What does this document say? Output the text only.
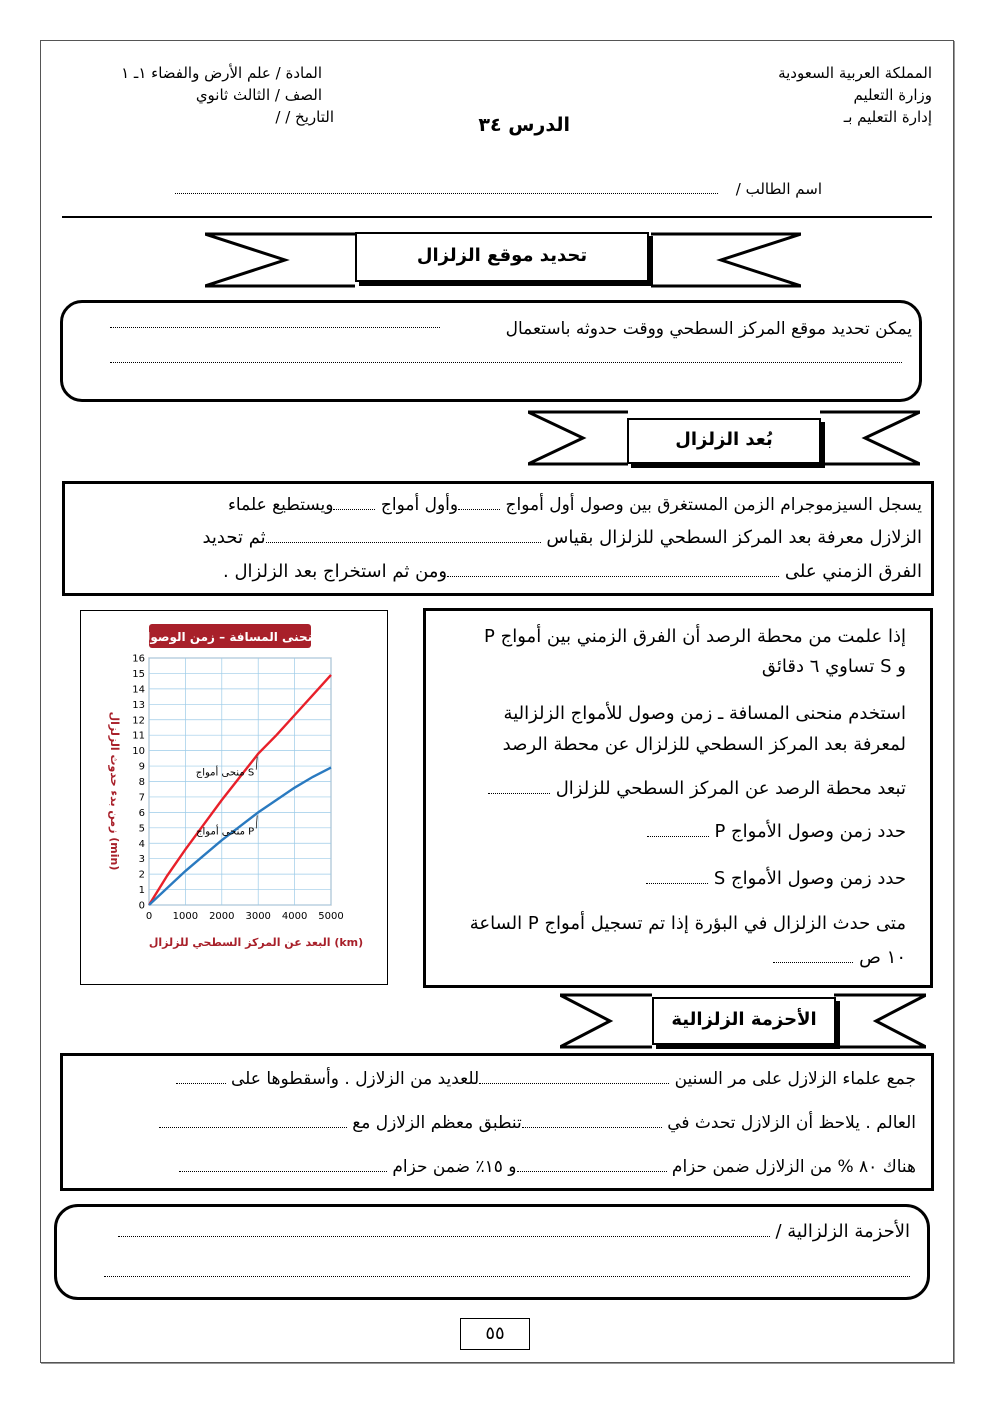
المملكة العربية السعودية
وزارة التعليم
إدارة التعليم بـ
المادة / علم الأرض والفضاء ١ـ ١
الصف / الثالث ثانوي
التاريخ / /	الدرس ٣٤
اسم الطالب /
تحديد موقع الزلزال
يمكن تحديد موقع المركز السطحي ووقت حدوثه باستعمال
بُعد الزلزال
يسجل السيزموجرام الزمن المستغرق بين وصول أول أمواج وأول أمواج ويستطيع علماء
الزلازل معرفة بعد المركز السطحي للزلزال بقياس ثم تحديد
الفرق الزمني على ومن ثم استخراج بعد الزلزال .
منحنى المسافة – زمن الوصول
0
1
2
3
4
5
6
7
8
9
10
11
12
13
14
15
16
0 1000 2000 3000 4000 5000
منحى أمواج S
منحى أمواج P
زمن بدء حدوث الزلزال (min)
البعد عن المركز السطحي للزلزال (km)
إذا علمت من محطة الرصد أن الفرق الزمني بين أمواج P
و S تساوي ٦ دقائق
استخدم منحنى المسافة ـ زمن وصول للأمواج الزلزالية
لمعرفة بعد المركز السطحي للزلزال عن محطة الرصد
تبعد محطة الرصد عن المركز السطحي للزلزال
حدد زمن وصول الأمواج P
حدد زمن وصول الأمواج S
متى حدث الزلزال في البؤرة إذا تم تسجيل أمواج P الساعة
١٠ ص
الأحزمة الزلزالية
جمع علماء الزلازل على مر السنين للعديد من الزلازل . وأسقطوها على
العالم . يلاحظ أن الزلازل تحدث في تنطبق معظم الزلازل مع
هناك ٨٠ % من الزلازل ضمن حزام و ١٥٪ ضمن حزام
الأحزمة الزلزالية /
٥٥
